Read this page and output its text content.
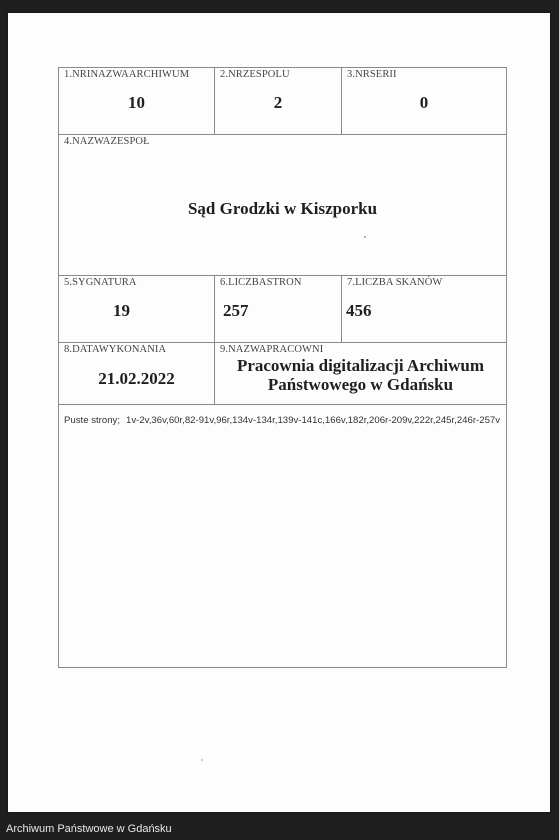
1.NRINAZWAARCHIWUM
10
2.NRZESPOLU
2
3.NRSERII
0
4.NAZWAZESPOŁ
Sąd Grodzki w Kiszporku
5.SYGNATURA
19
6.LICZBASTRON
257
7.LICZBA SKANÓW
456
8.DATAWYKONANIA
21.02.2022
9.NAZWAPRACOWNI
Pracownia digitalizacji Archiwum
Państwowego w Gdańsku
Puste strony; 1v-2v,36v,60r,82-91v,96r,134v-134r,139v-141c,166v,182r,206r-209v,222r,245r,246r-257v
Archiwum Państwowe w Gdańsku
